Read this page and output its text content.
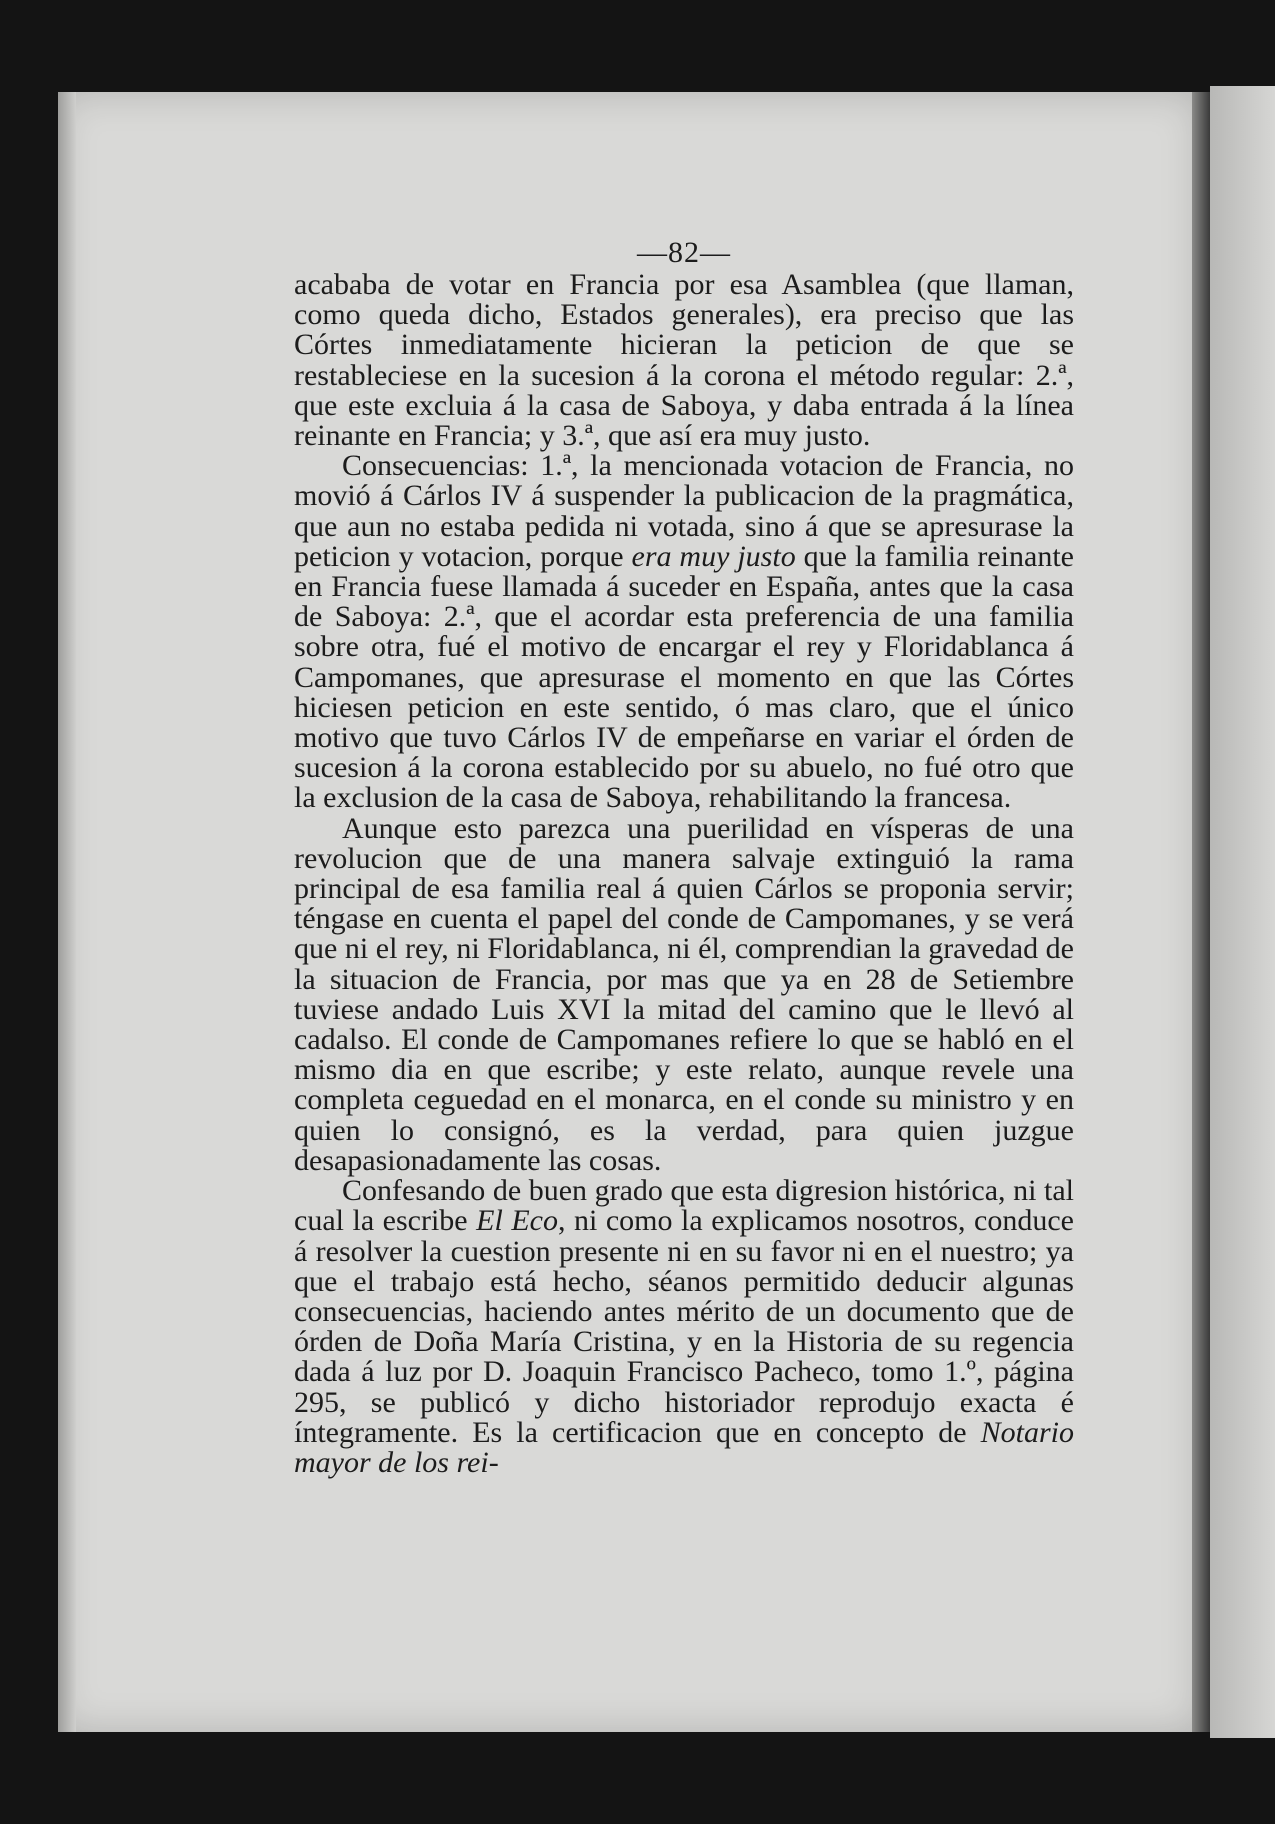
—82—

acababa de votar en Francia por esa Asamblea (que llaman, como queda dicho, Estados generales), era preciso que las Córtes inmediatamente hicieran la peticion de que se restableciese en la sucesion á la corona el método regular: 2.ª, que este excluia á la casa de Saboya, y daba entrada á la línea reinante en Francia; y 3.ª, que así era muy justo.

Consecuencias: 1.ª, la mencionada votacion de Francia, no movió á Cárlos IV á suspender la publicacion de la pragmática, que aun no estaba pedida ni votada, sino á que se apresurase la peticion y votacion, porque era muy justo que la familia reinante en Francia fuese llamada á suceder en España, antes que la casa de Saboya: 2.ª, que el acordar esta preferencia de una familia sobre otra, fué el motivo de encargar el rey y Floridablanca á Campomanes, que apresurase el momento en que las Córtes hiciesen peticion en este sentido, ó mas claro, que el único motivo que tuvo Cárlos IV de empeñarse en variar el órden de sucesion á la corona establecido por su abuelo, no fué otro que la exclusion de la casa de Saboya, rehabilitando la francesa.

Aunque esto parezca una puerilidad en vísperas de una revolucion que de una manera salvaje extinguió la rama principal de esa familia real á quien Cárlos se proponia servir; téngase en cuenta el papel del conde de Campomanes, y se verá que ni el rey, ni Floridablanca, ni él, comprendian la gravedad de la situacion de Francia, por mas que ya en 28 de Setiembre tuviese andado Luis XVI la mitad del camino que le llevó al cadalso. El conde de Campomanes refiere lo que se habló en el mismo dia en que escribe; y este relato, aunque revele una completa ceguedad en el monarca, en el conde su ministro y en quien lo consignó, es la verdad, para quien juzgue desapasionadamente las cosas.

Confesando de buen grado que esta digresion histórica, ni tal cual la escribe El Eco, ni como la explicamos nosotros, conduce á resolver la cuestion presente ni en su favor ni en el nuestro; ya que el trabajo está hecho, séanos permitido deducir algunas consecuencias, haciendo antes mérito de un documento que de órden de Doña María Cristina, y en la Historia de su regencia dada á luz por D. Joaquin Francisco Pacheco, tomo 1.º, página 295, se publicó y dicho historiador reprodujo exacta é íntegramente. Es la certificacion que en concepto de Notario mayor de los rei-
